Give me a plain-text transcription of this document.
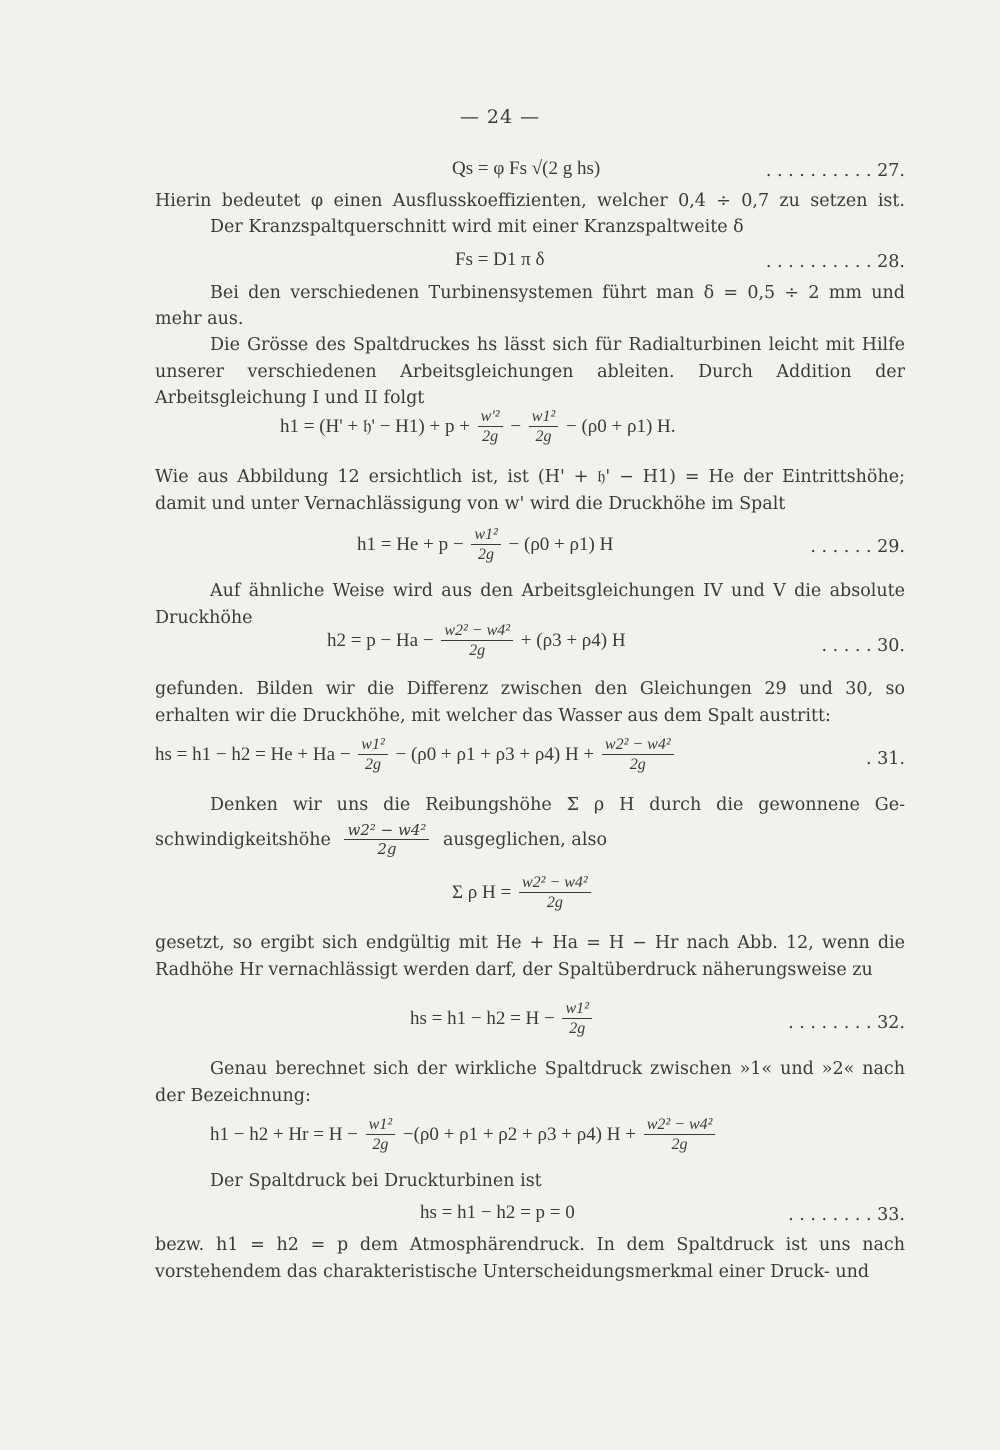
— 24 —
Qs = φ Fs √(2 g hs)	. . . . . . . . . . 27.
Hierin bedeutet φ einen Ausflusskoeffizienten, welcher 0,4 ÷ 0,7 zu setzen ist.
Der Kranzspaltquerschnitt wird mit einer Kranzspaltweite δ
Fs = D1 π δ	. . . . . . . . . . 28.
Bei den verschiedenen Turbinensystemen führt man δ = 0,5 ÷ 2 mm und
mehr aus.
Die Grösse des Spaltdruckes hs lässt sich für Radialturbinen leicht mit Hilfe unserer verschiedenen Arbeitsgleichungen ableiten. Durch Addition der Arbeitsgleichung I und II folgt
h1 = (H' + 𝔥' − $H1) + p + \frac{\text{w'²}}{2g} - \frac{\text{w1²}}{2g} - (\rho 0 + \rho 1)$ H.
Wie aus Abbildung 12 ersichtlich ist, ist (H' + 𝔥' − H1) = He der Eintrittshöhe; damit und unter Vernachlässigung von w' wird die Druckhöhe im Spalt
$h1 = He + p - \frac{\text{w1²}}{2g} - (\rho 0 + \rho 1)$ H	. . . . . . 29.
Auf ähnliche Weise wird aus den Arbeitsgleichungen IV und V die absolute Druckhöhe
$h2 = p - Ha - \frac{\text{w2² − w4²}}{2g} + (\rho 3 + \rho 4)$ H	. . . . . 30.
gefunden. Bilden wir die Differenz zwischen den Gleichungen 29 und 30, so erhalten wir die Druckhöhe, mit welcher das Wasser aus dem Spalt austritt:
hs = $h1 - h2 = He + Ha - \frac{\text{w1²}}{2g} - (\rho 0 + \rho 1 + \rho 3 + \rho 4) H + \frac{\text{w2² − w4²}}{2g}$	. 31.
Denken wir uns die Reibungshöhe Σ ρ H durch die gewonnene Ge-
schwindigkeitshöhe $\frac{\text{w2² − w4²}}{2g}$ ausgeglichen, also
Σ ρ $H = \frac{\text{w2² − w4²}}{2g}$
gesetzt, so ergibt sich endgültig mit He + Ha = H − Hr nach Abb. 12, wenn die Radhöhe Hr vernachlässigt werden darf, der Spaltüberdruck näherungsweise zu
hs = $h1 - h2 = H - \frac{\text{w1²}}{2g}$	. . . . . . . . 32.
Genau berechnet sich der wirkliche Spaltdruck zwischen »1« und »2« nach der Bezeichnung:
$h1 - h2 + Hr = H - \frac{\text{w1²}}{2g} -(\rho 0 + \rho 1 + \rho 2 + \rho 3 + \rho 4) H + \frac{\text{w2² − w4²}}{2g}$
Der Spaltdruck bei Druckturbinen ist
hs = h1 − h2 = p = 0	. . . . . . . . 33.
bezw. h1 = h2 = p dem Atmosphärendruck. In dem Spaltdruck ist uns nach vorstehendem das charakteristische Unterscheidungsmerkmal einer Druck- und
